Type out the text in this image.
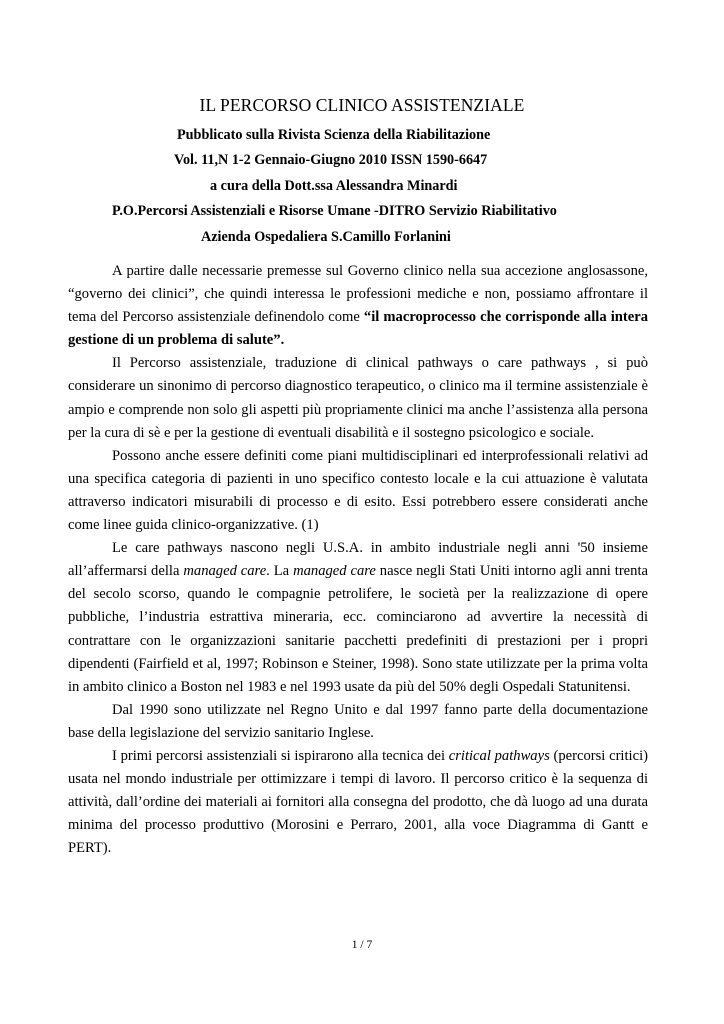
IL PERCORSO CLINICO ASSISTENZIALE
Pubblicato sulla Rivista Scienza della Riabilitazione
Vol. 11,N 1-2 Gennaio-Giugno 2010 ISSN 1590-6647
a cura della Dott.ssa Alessandra Minardi
P.O.Percorsi Assistenziali e Risorse Umane -DITRO Servizio Riabilitativo
Azienda Ospedaliera S.Camillo Forlanini

A partire dalle necessarie premesse sul Governo clinico nella sua accezione anglosassone, “governo dei clinici”, che quindi interessa le professioni mediche e non, possiamo affrontare il tema del Percorso assistenziale definendolo come “il macroprocesso che corrisponde alla intera gestione di un problema di salute”.

Il Percorso assistenziale, traduzione di clinical pathways o care pathways , si può considerare un sinonimo di percorso diagnostico terapeutico, o clinico ma il termine assistenziale è ampio e comprende non solo gli aspetti più propriamente clinici ma anche l’assistenza alla persona per la cura di sè e per la gestione di eventuali disabilità e il sostegno psicologico e sociale.

Possono anche essere definiti come piani multidisciplinari ed interprofessionali relativi ad una specifica categoria di pazienti in uno specifico contesto locale e la cui attuazione è valutata attraverso indicatori misurabili di processo e di esito. Essi potrebbero essere considerati anche come linee guida clinico-organizzative. (1)

Le care pathways nascono negli U.S.A. in ambito industriale negli anni '50 insieme all’affermarsi della managed care. La managed care nasce negli Stati Uniti intorno agli anni trenta del secolo scorso, quando le compagnie petrolifere, le società per la realizzazione di opere pubbliche, l’industria estrattiva mineraria, ecc. cominciarono ad avvertire la necessità di contrattare con le organizzazioni sanitarie pacchetti predefiniti di prestazioni per i propri dipendenti (Fairfield et al, 1997; Robinson e Steiner, 1998). Sono state utilizzate per la prima volta in ambito clinico a Boston nel 1983 e nel 1993 usate da più del 50% degli Ospedali Statunitensi.

Dal 1990 sono utilizzate nel Regno Unito e dal 1997 fanno parte della documentazione base della legislazione del servizio sanitario Inglese.

I primi percorsi assistenziali si ispirarono alla tecnica dei critical pathways (percorsi critici) usata nel mondo industriale per ottimizzare i tempi di lavoro. Il percorso critico è la sequenza di attività, dall’ordine dei materiali ai fornitori alla consegna del prodotto, che dà luogo ad una durata minima del processo produttivo (Morosini e Perraro, 2001, alla voce Diagramma di Gantt e PERT).

1 / 7
